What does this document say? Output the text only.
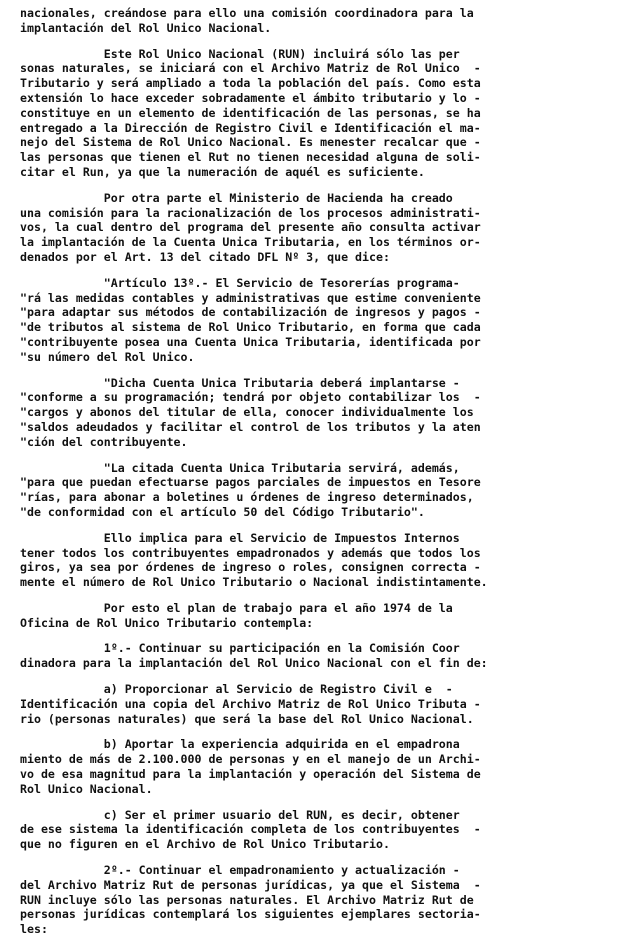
nacionales, creándose para ello una comisión coordinadora para la
implantación del Rol Unico Nacional.
Este Rol Unico Nacional (RUN) incluirá sólo las per
sonas naturales, se iniciará con el Archivo Matriz de Rol Unico  -
Tributario y será ampliado a toda la población del país. Como esta
extensión lo hace exceder sobradamente el ámbito tributario y lo -
constituye en un elemento de identificación de las personas, se ha
entregado a la Dirección de Registro Civil e Identificación el ma-
nejo del Sistema de Rol Unico Nacional. Es menester recalcar que -
las personas que tienen el Rut no tienen necesidad alguna de soli-
citar el Run, ya que la numeración de aquél es suficiente.
Por otra parte el Ministerio de Hacienda ha creado
una comisión para la racionalización de los procesos administrati-
vos, la cual dentro del programa del presente año consulta activar
la implantación de la Cuenta Unica Tributaria, en los términos or-
denados por el Art. 13 del citado DFL Nº 3, que dice:
"Artículo 13º.- El Servicio de Tesorerías programa-
"rá las medidas contables y administrativas que estime conveniente
"para adaptar sus métodos de contabilización de ingresos y pagos -
"de tributos al sistema de Rol Unico Tributario, en forma que cada
"contribuyente posea una Cuenta Unica Tributaria, identificada por
"su número del Rol Unico.
"Dicha Cuenta Unica Tributaria deberá implantarse -
"conforme a su programación; tendrá por objeto contabilizar los  -
"cargos y abonos del titular de ella, conocer individualmente los
"saldos adeudados y facilitar el control de los tributos y la aten
"ción del contribuyente.
"La citada Cuenta Unica Tributaria servirá, además,
"para que puedan efectuarse pagos parciales de impuestos en Tesore
"rías, para abonar a boletines u órdenes de ingreso determinados,
"de conformidad con el artículo 50 del Código Tributario".
Ello implica para el Servicio de Impuestos Internos
tener todos los contribuyentes empadronados y además que todos los
giros, ya sea por órdenes de ingreso o roles, consignen correcta -
mente el número de Rol Unico Tributario o Nacional indistintamente.
Por esto el plan de trabajo para el año 1974 de la
Oficina de Rol Unico Tributario contempla:
1º.- Continuar su participación en la Comisión Coor
dinadora para la implantación del Rol Unico Nacional con el fin de:
a) Proporcionar al Servicio de Registro Civil e  -
Identificación una copia del Archivo Matriz de Rol Unico Tributa -
rio (personas naturales) que será la base del Rol Unico Nacional.
b) Aportar la experiencia adquirida en el empadrona
miento de más de 2.100.000 de personas y en el manejo de un Archi-
vo de esa magnitud para la implantación y operación del Sistema de
Rol Unico Nacional.
c) Ser el primer usuario del RUN, es decir, obtener
de ese sistema la identificación completa de los contribuyentes  -
que no figuren en el Archivo de Rol Unico Tributario.
2º.- Continuar el empadronamiento y actualización -
del Archivo Matriz Rut de personas jurídicas, ya que el Sistema  -
RUN incluye sólo las personas naturales. El Archivo Matriz Rut de
personas jurídicas contemplará los siguientes ejemplares sectoria-
les:
